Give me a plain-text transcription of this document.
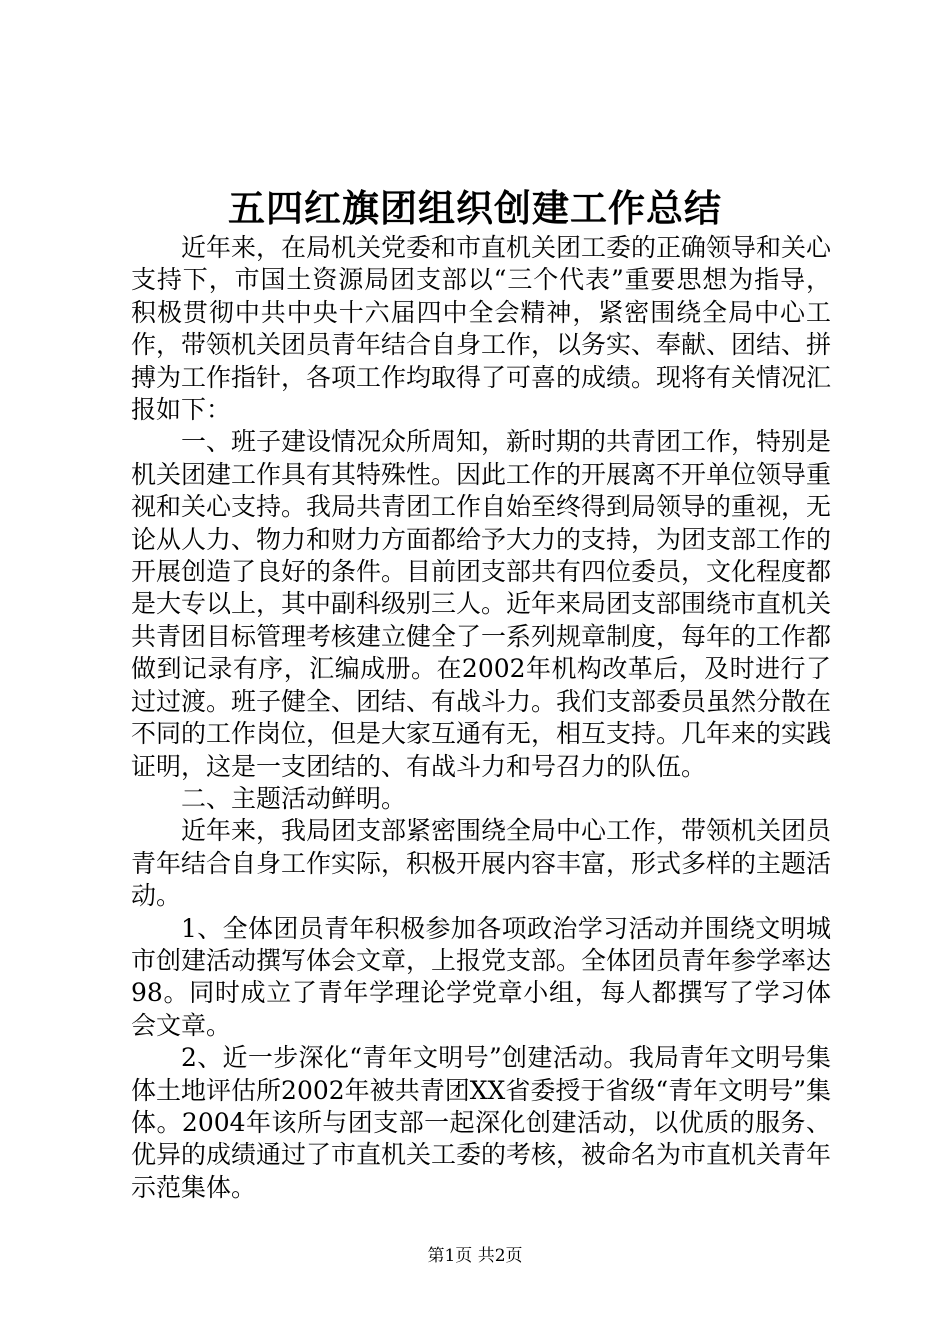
五四红旗团组织创建工作总结

近年来，在局机关党委和市直机关团工委的正确领导和关心支持下，市国土资源局团支部以“三个代表”重要思想为指导，积极贯彻中共中央十六届四中全会精神，紧密围绕全局中心工作，带领机关团员青年结合自身工作，以务实、奉献、团结、拼搏为工作指针，各项工作均取得了可喜的成绩。现将有关情况汇报如下：

一、班子建设情况众所周知，新时期的共青团工作，特别是机关团建工作具有其特殊性。因此工作的开展离不开单位领导重视和关心支持。我局共青团工作自始至终得到局领导的重视，无论从人力、物力和财力方面都给予大力的支持，为团支部工作的开展创造了良好的条件。目前团支部共有四位委员，文化程度都是大专以上，其中副科级别三人。近年来局团支部围绕市直机关共青团目标管理考核建立健全了一系列规章制度，每年的工作都做到记录有序，汇编成册。在2002年机构改革后，及时进行了过过渡。班子健全、团结、有战斗力。我们支部委员虽然分散在不同的工作岗位，但是大家互通有无，相互支持。几年来的实践证明，这是一支团结的、有战斗力和号召力的队伍。

二、主题活动鲜明。

近年来，我局团支部紧密围绕全局中心工作，带领机关团员青年结合自身工作实际，积极开展内容丰富，形式多样的主题活动。

1、全体团员青年积极参加各项政治学习活动并围绕文明城市创建活动撰写体会文章，上报党支部。全体团员青年参学率达98。同时成立了青年学理论学党章小组，每人都撰写了学习体会文章。

2、近一步深化“青年文明号”创建活动。我局青年文明号集体土地评估所2002年被共青团XX省委授于省级“青年文明号”集体。2004年该所与团支部一起深化创建活动，以优质的服务、优异的成绩通过了市直机关工委的考核，被命名为市直机关青年示范集体。

第1页 共2页
